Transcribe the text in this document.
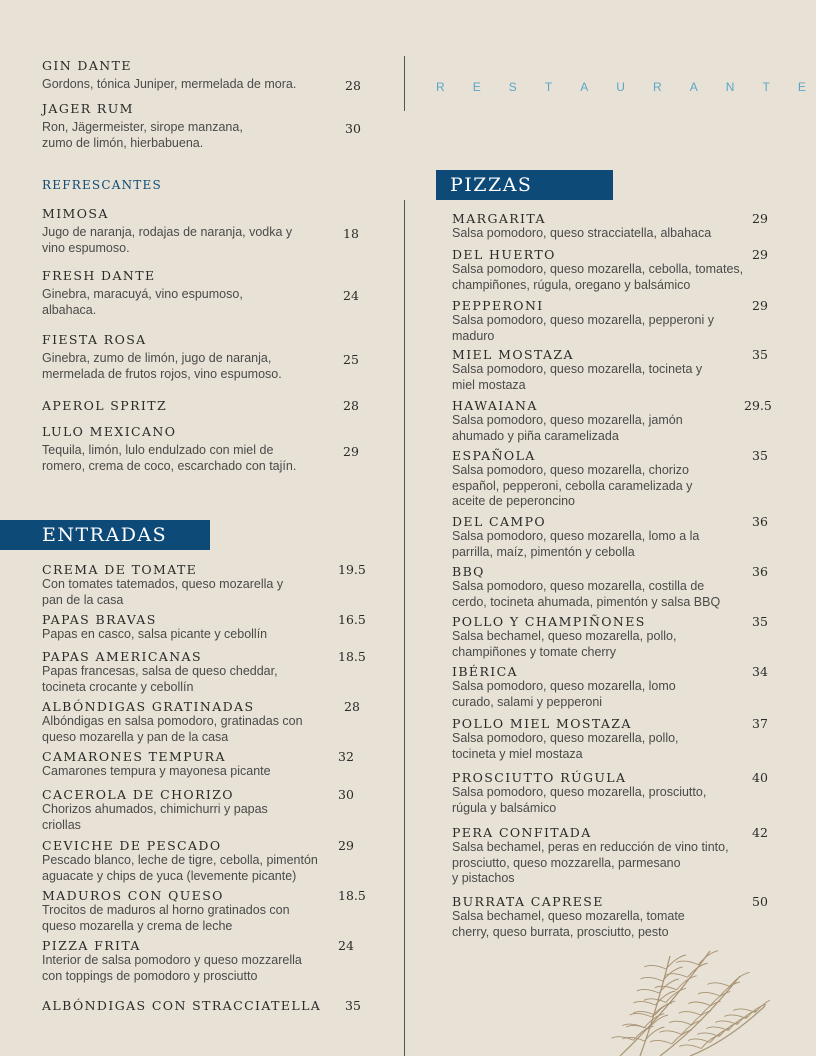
REFRESCANTES
ENTRADAS
PIZZAS
R E S T A U R A N T E
GIN DANTE
28
Gordons, tónica Juniper, mermelada de mora.
JAGER RUM
30
Ron, Jägermeister, sirope manzana,
zumo de limón, hierbabuena.
MIMOSA
18
Jugo de naranja, rodajas de naranja, vodka y
vino espumoso.
FRESH DANTE
24
Ginebra, maracuyá, vino espumoso,
albahaca.
FIESTA ROSA
25
Ginebra, zumo de limón, jugo de naranja,
mermelada de frutos rojos, vino espumoso.
APEROL SPRITZ	28
LULO MEXICANO
29
Tequila, limón, lulo endulzado con miel de
romero, crema de coco, escarchado con tajín.
CREMA DE TOMATE	19.5
Con tomates tatemados, queso mozarella y
pan de la casa
PAPAS BRAVAS	16.5
Papas en casco, salsa picante y cebollín
PAPAS AMERICANAS	18.5
Papas francesas, salsa de queso cheddar,
tocineta crocante y cebollín
ALBÓNDIGAS GRATINADAS	28
Albóndigas en salsa pomodoro, gratinadas con
queso mozarella y pan de la casa
CAMARONES TEMPURA	32
Camarones tempura y mayonesa picante
CACEROLA DE CHORIZO	30
Chorizos ahumados, chimichurri y papas
criollas
CEVICHE DE PESCADO	29
Pescado blanco, leche de tigre, cebolla, pimentón
aguacate y chips de yuca (levemente picante)
MADUROS CON QUESO	18.5
Trocitos de maduros al horno gratinados con
queso mozarella y crema de leche
PIZZA FRITA	24
Interior de salsa pomodoro y queso mozzarella
con toppings de pomodoro y prosciutto
ALBÓNDIGAS CON STRACCIATELLA 35
MARGARITA	29
Salsa pomodoro, queso stracciatella, albahaca
DEL HUERTO	29
Salsa pomodoro, queso mozarella, cebolla, tomates,
champiñones, rúgula, oregano y balsámico
PEPPERONI	29
Salsa pomodoro, queso mozarella, pepperoni y
maduro
MIEL MOSTAZA	35
Salsa pomodoro, queso mozarella, tocineta y
miel mostaza
HAWAIANA	29.5
Salsa pomodoro, queso mozarella, jamón
ahumado y piña caramelizada
ESPAÑOLA	35
Salsa pomodoro, queso mozarella, chorizo
español, pepperoni, cebolla caramelizada y
aceite de peperoncino
DEL CAMPO	36
Salsa pomodoro, queso mozarella, lomo a la
parrilla, maíz, pimentón y cebolla
BBQ	36
Salsa pomodoro, queso mozarella, costilla de
cerdo, tocineta ahumada, pimentón y salsa BBQ
POLLO Y CHAMPIÑONES	35
Salsa bechamel, queso mozarella, pollo,
champiñones y tomate cherry
IBÉRICA	34
Salsa pomodoro, queso mozarella, lomo
curado, salami y pepperoni
POLLO MIEL MOSTAZA	37
Salsa pomodoro, queso mozarella, pollo,
tocineta y miel mostaza
PROSCIUTTO RÚGULA	40
Salsa pomodoro, queso mozarella, prosciutto,
rúgula y balsámico
PERA CONFITADA	42
Salsa bechamel, peras en reducción de vino tinto,
prosciutto, queso mozzarella, parmesano
y pistachos
BURRATA CAPRESE	50
Salsa bechamel, queso mozarella, tomate
cherry, queso burrata, prosciutto, pesto
